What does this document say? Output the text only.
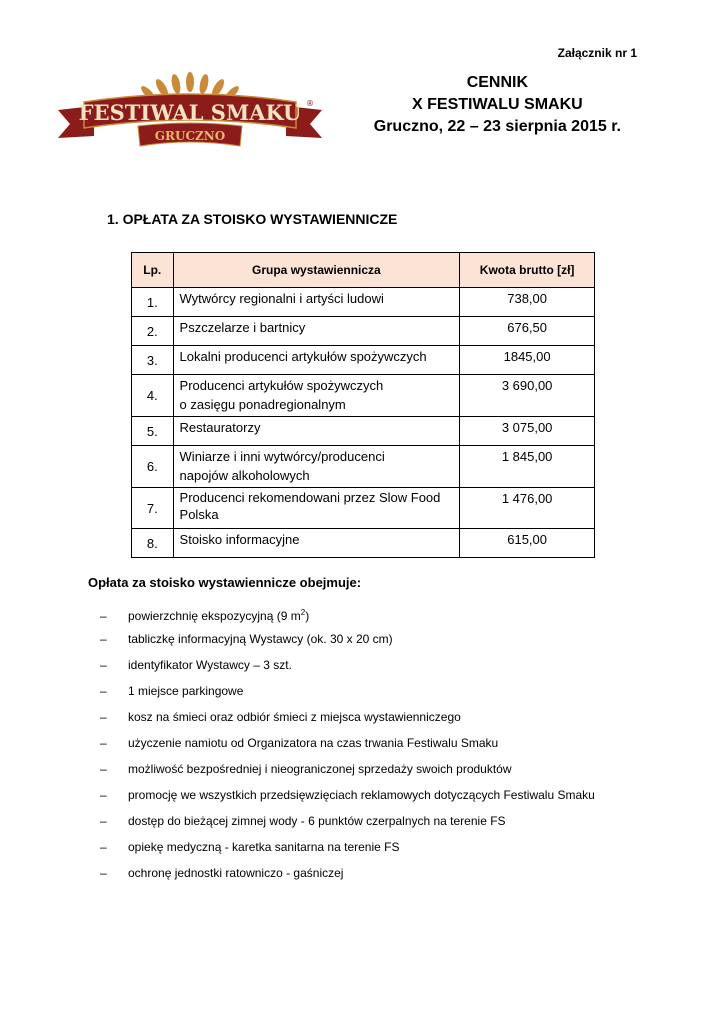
Załącznik nr 1
FESTIWAL SMAKU
GRUCZNO
®
CENNIK
X FESTIWALU SMAKU
Gruczno, 22 – 23 sierpnia 2015 r.
1. OPŁATA ZA STOISKO WYSTAWIENNICZE
Lp.	Grupa wystawiennicza	Kwota brutto [zł]
1.	Wytwórcy regionalni i artyści ludowi	738,00
2.	Pszczelarze i bartnicy	676,50
3.	Lokalni producenci artykułów spożywczych	1845,00
4.	Producenci artykułów spożywczych
o zasięgu ponadregionalnym	3 690,00
5.	Restauratorzy	3 075,00
6.	Winiarze i inni wytwórcy/producenci
napojów alkoholowych	1 845,00
7.	Producenci rekomendowani przez Slow Food
Polska	1 476,00
8.	Stoisko informacyjne	615,00
Opłata za stoisko wystawiennicze obejmuje:
– powierzchnię ekspozycyjną (9 $m^2$)
– tabliczkę informacyjną Wystawcy (ok. 30 x 20 cm)
– identyfikator Wystawcy – 3 szt.
– 1 miejsce parkingowe
– kosz na śmieci oraz odbiór śmieci z miejsca wystawienniczego
– użyczenie namiotu od Organizatora na czas trwania Festiwalu Smaku
– możliwość bezpośredniej i nieograniczonej sprzedaży swoich produktów
– promocję we wszystkich przedsięwzięciach reklamowych dotyczących Festiwalu Smaku
– dostęp do bieżącej zimnej wody - 6 punktów czerpalnych na terenie FS
– opiekę medyczną - karetka sanitarna na terenie FS
– ochronę jednostki ratowniczo - gaśniczej
